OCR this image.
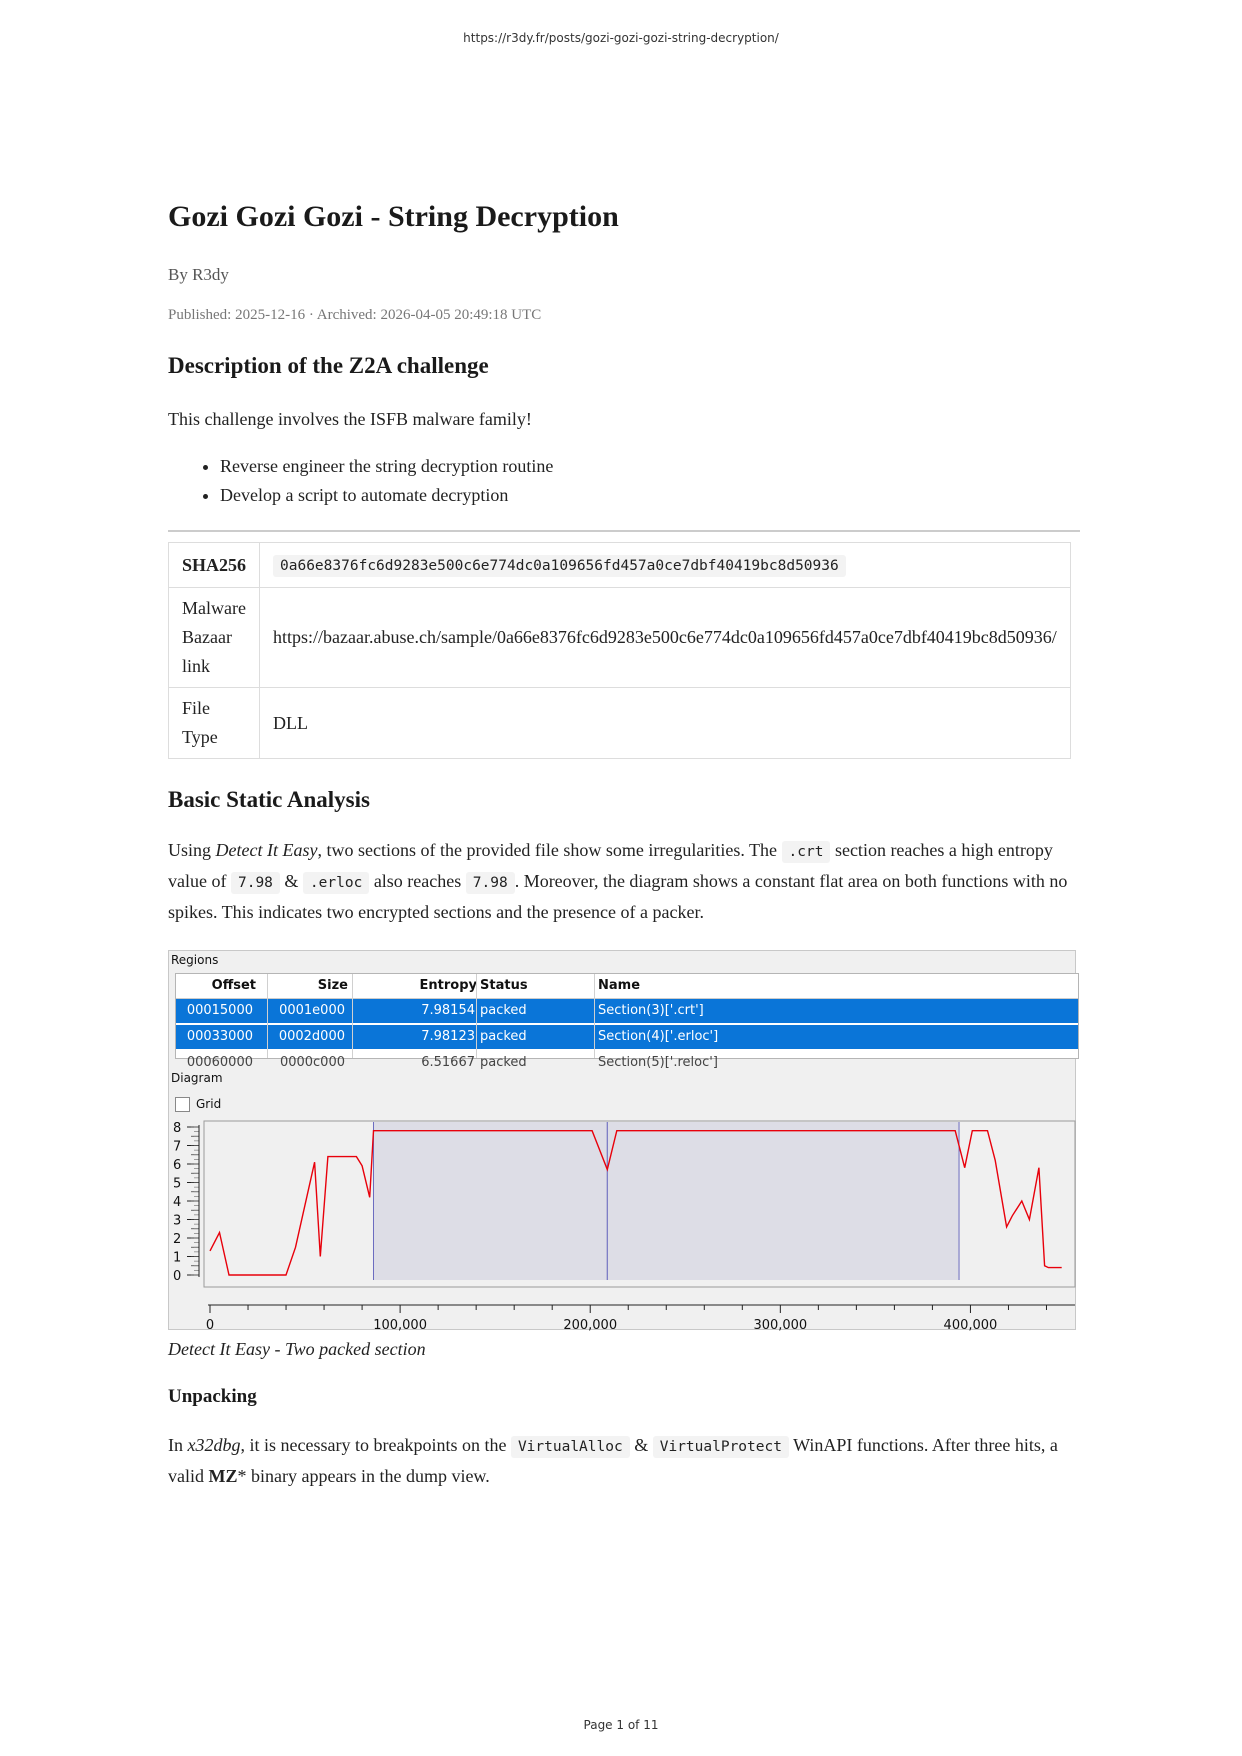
https://r3dy.fr/posts/gozi-gozi-gozi-string-decryption/
Gozi Gozi Gozi - String Decryption
By R3dy
Published: 2025-12-16 · Archived: 2026-04-05 20:49:18 UTC
Description of the Z2A challenge

This challenge involves the ISFB malware family!

• Reverse engineer the string decryption routine
• Develop a script to automate decryption
SHA256	0a66e8376fc6d9283e500c6e774dc0a109656fd457a0ce7dbf40419bc8d50936
Malware Bazaar link	https://bazaar.abuse.ch/sample/0a66e8376fc6d9283e500c6e774dc0a109656fd457a0ce7dbf40419bc8d50936/
File Type	DLL
Basic Static Analysis

Using Detect It Easy, two sections of the provided file show some irregularities. The .crt section reaches a high entropy value of 7.98 & .erloc also reaches 7.98 . Moreover, the diagram shows a constant flat area on both functions with no spikes. This indicates two encrypted sections and the presence of a packer.

Regions
Offset	Size	Entropy Status	Name
00015000 0001e000	7.98154 packed	Section(3)['.crt']
00033000 0002d000	7.98123 packed	Section(4)['.erloc']
00060000 0000c000	6.51667 packed	Section(5)['.reloc']
Diagram
Grid
0
1
2
3
4
5
6
7
8
0	100,000	200,000	300,000	400,000
Detect It Easy - Two packed section
Unpacking

In x32dbg, it is necessary to breakpoints on the VirtualAlloc & VirtualProtect WinAPI functions. After three hits, a valid MZ* binary appears in the dump view.

Page 1 of 11
